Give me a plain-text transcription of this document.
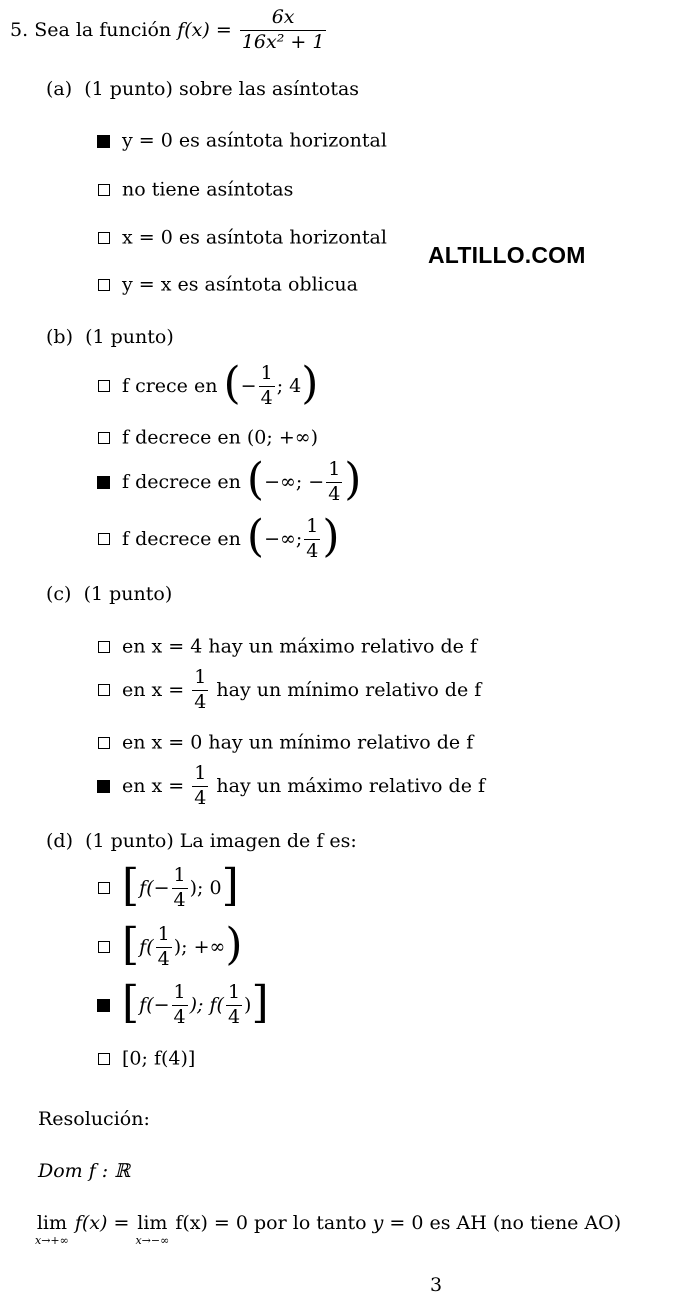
ALTILLO.COM
5. Sea la función $f(x) = \frac{6x}{\text{16x² + 1}}$
(a) (1 punto) sobre las asíntotas
y = 0 es asíntota horizontal
no tiene asíntotas
x = 0 es asíntota horizontal
y = x es asíntota oblicua
(b) (1 punto)
f crece en (− $\frac{1}{4}$ ; 4)
f decrece en (0; +∞)
f decrece en (−∞; − $\frac{1}{4}$ )
f decrece en (−∞; $\frac{1}{4}$ )
(c) (1 punto)
en x = 4 hay un máximo relativo de f
en $x = \frac{1}{4}$ hay un mínimo relativo de f
en x = 0 hay un mínimo relativo de f
en $x = \frac{1}{4}$ hay un máximo relativo de f
(d) (1 punto) La imagen de f es:
[$f(- \frac{1}{4}$ ); 0]
[$f( \frac{1}{4}$ ); +∞)
[$f(- \frac{1}{4}$ ); $f( \frac{1}{4}$ )]
[0; f(4)]
Resolución:
Dom f : ℝ
lim
x→+∞
f(x) = lim
x→−∞
f(x) = 0 por lo tanto y = 0 es AH (no tiene AO)
3
